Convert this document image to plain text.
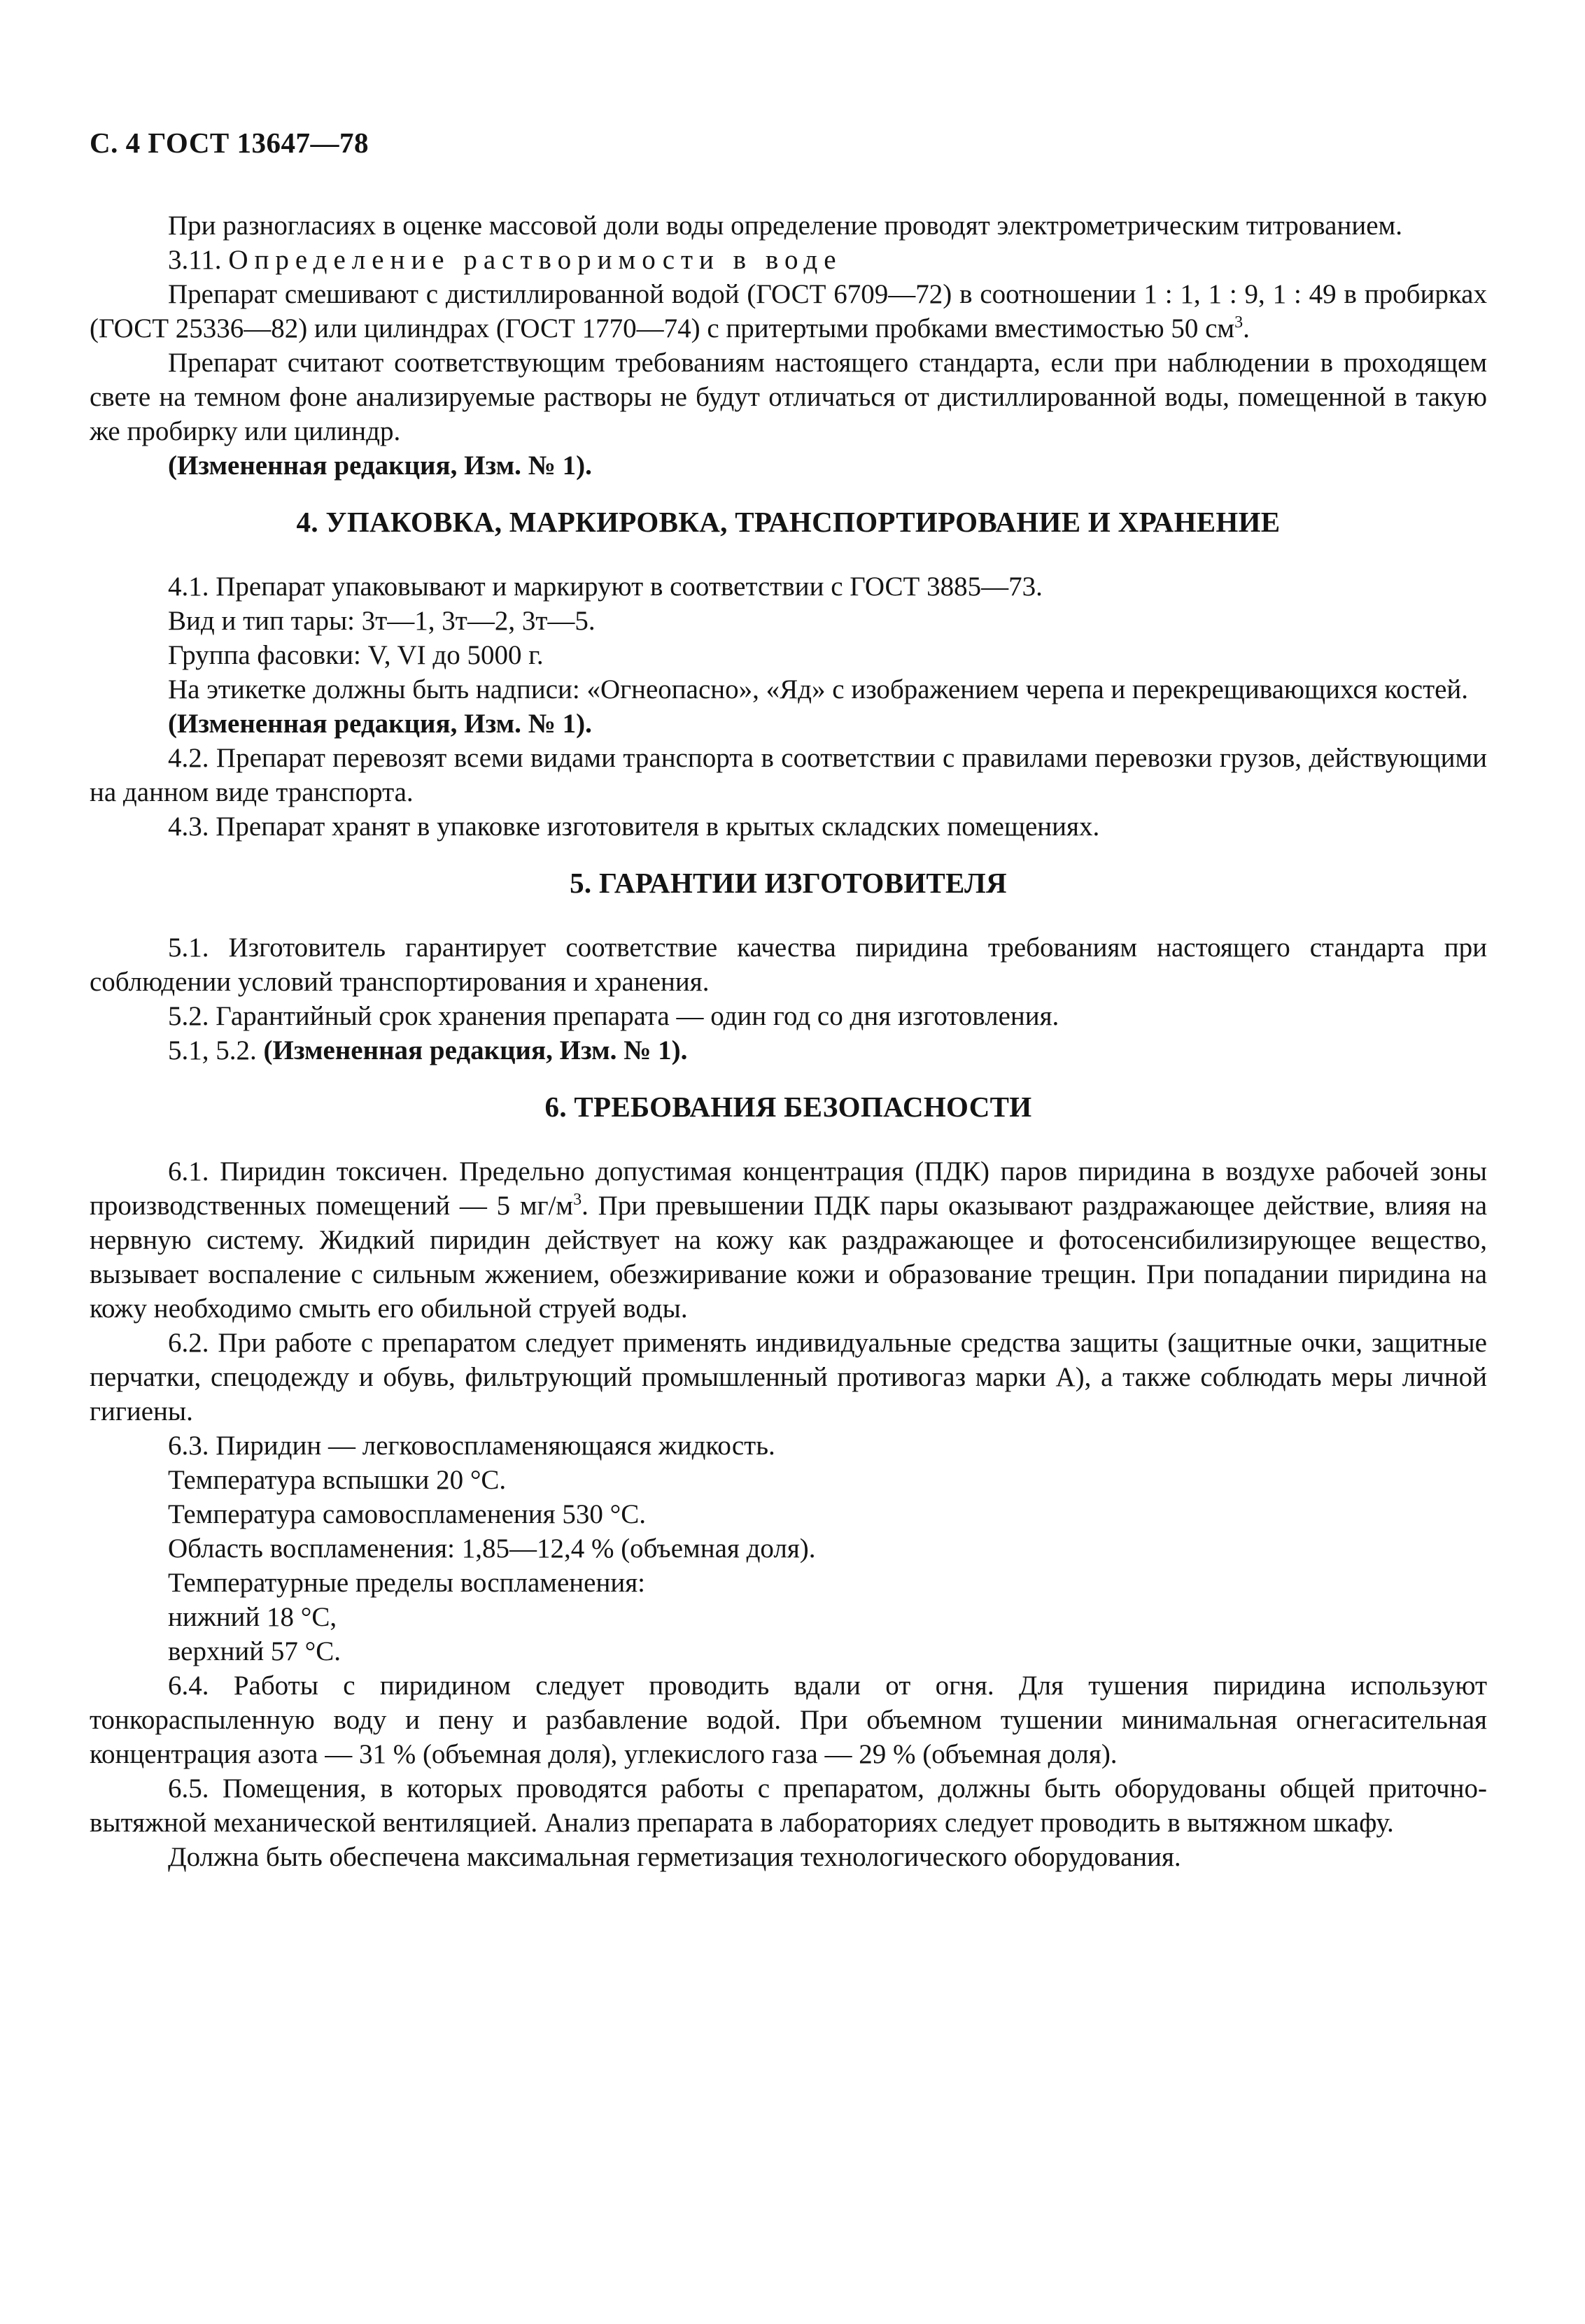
С. 4 ГОСТ 13647—78

При разногласиях в оценке массовой доли воды определение проводят электрометрическим титрованием.

3.11. Определение растворимости в воде

Препарат смешивают с дистиллированной водой (ГОСТ 6709—72) в соотношении 1 : 1, 1 : 9, 1 : 49 в пробирках (ГОСТ 25336—82) или цилиндрах (ГОСТ 1770—74) с притертыми пробками вместимостью 50 $см^3$.

Препарат считают соответствующим требованиям настоящего стандарта, если при наблюдении в проходящем свете на темном фоне анализируемые растворы не будут отличаться от дистиллированной воды, помещенной в такую же пробирку или цилиндр.

(Измененная редакция, Изм. № 1).

4. УПАКОВКА, МАРКИРОВКА, ТРАНСПОРТИРОВАНИЕ И ХРАНЕНИЕ

4.1. Препарат упаковывают и маркируют в соответствии с ГОСТ 3885—73.

Вид и тип тары: 3т—1, 3т—2, 3т—5.

Группа фасовки: V, VI до 5000 г.

На этикетке должны быть надписи: «Огнеопасно», «Яд» с изображением черепа и перекрещивающихся костей.

(Измененная редакция, Изм. № 1).

4.2. Препарат перевозят всеми видами транспорта в соответствии с правилами перевозки грузов, действующими на данном виде транспорта.

4.3. Препарат хранят в упаковке изготовителя в крытых складских помещениях.

5. ГАРАНТИИ ИЗГОТОВИТЕЛЯ

5.1. Изготовитель гарантирует соответствие качества пиридина требованиям настоящего стандарта при соблюдении условий транспортирования и хранения.

5.2. Гарантийный срок хранения препарата — один год со дня изготовления.

5.1, 5.2. (Измененная редакция, Изм. № 1).

6. ТРЕБОВАНИЯ БЕЗОПАСНОСТИ

6.1. Пиридин токсичен. Предельно допустимая концентрация (ПДК) паров пиридина в воздухе рабочей зоны производственных помещений — 5 $мг/м^3$. При превышении ПДК пары оказывают раздражающее действие, влияя на нервную систему. Жидкий пиридин действует на кожу как раздражающее и фотосенсибилизирующее вещество, вызывает воспаление с сильным жжением, обезжиривание кожи и образование трещин. При попадании пиридина на кожу необходимо смыть его обильной струей воды.

6.2. При работе с препаратом следует применять индивидуальные средства защиты (защитные очки, защитные перчатки, спецодежду и обувь, фильтрующий промышленный противогаз марки А), а также соблюдать меры личной гигиены.

6.3. Пиридин — легковоспламеняющаяся жидкость.

Температура вспышки 20 °С.

Температура самовоспламенения 530 °С.

Область воспламенения: 1,85—12,4 % (объемная доля).

Температурные пределы воспламенения:

нижний 18 °С,

верхний 57 °С.

6.4. Работы с пиридином следует проводить вдали от огня. Для тушения пиридина используют тонкораспыленную воду и пену и разбавление водой. При объемном тушении минимальная огнегасительная концентрация азота — 31 % (объемная доля), углекислого газа — 29 % (объемная доля).

6.5. Помещения, в которых проводятся работы с препаратом, должны быть оборудованы общей приточно-вытяжной механической вентиляцией. Анализ препарата в лабораториях следует проводить в вытяжном шкафу.

Должна быть обеспечена максимальная герметизация технологического оборудования.
